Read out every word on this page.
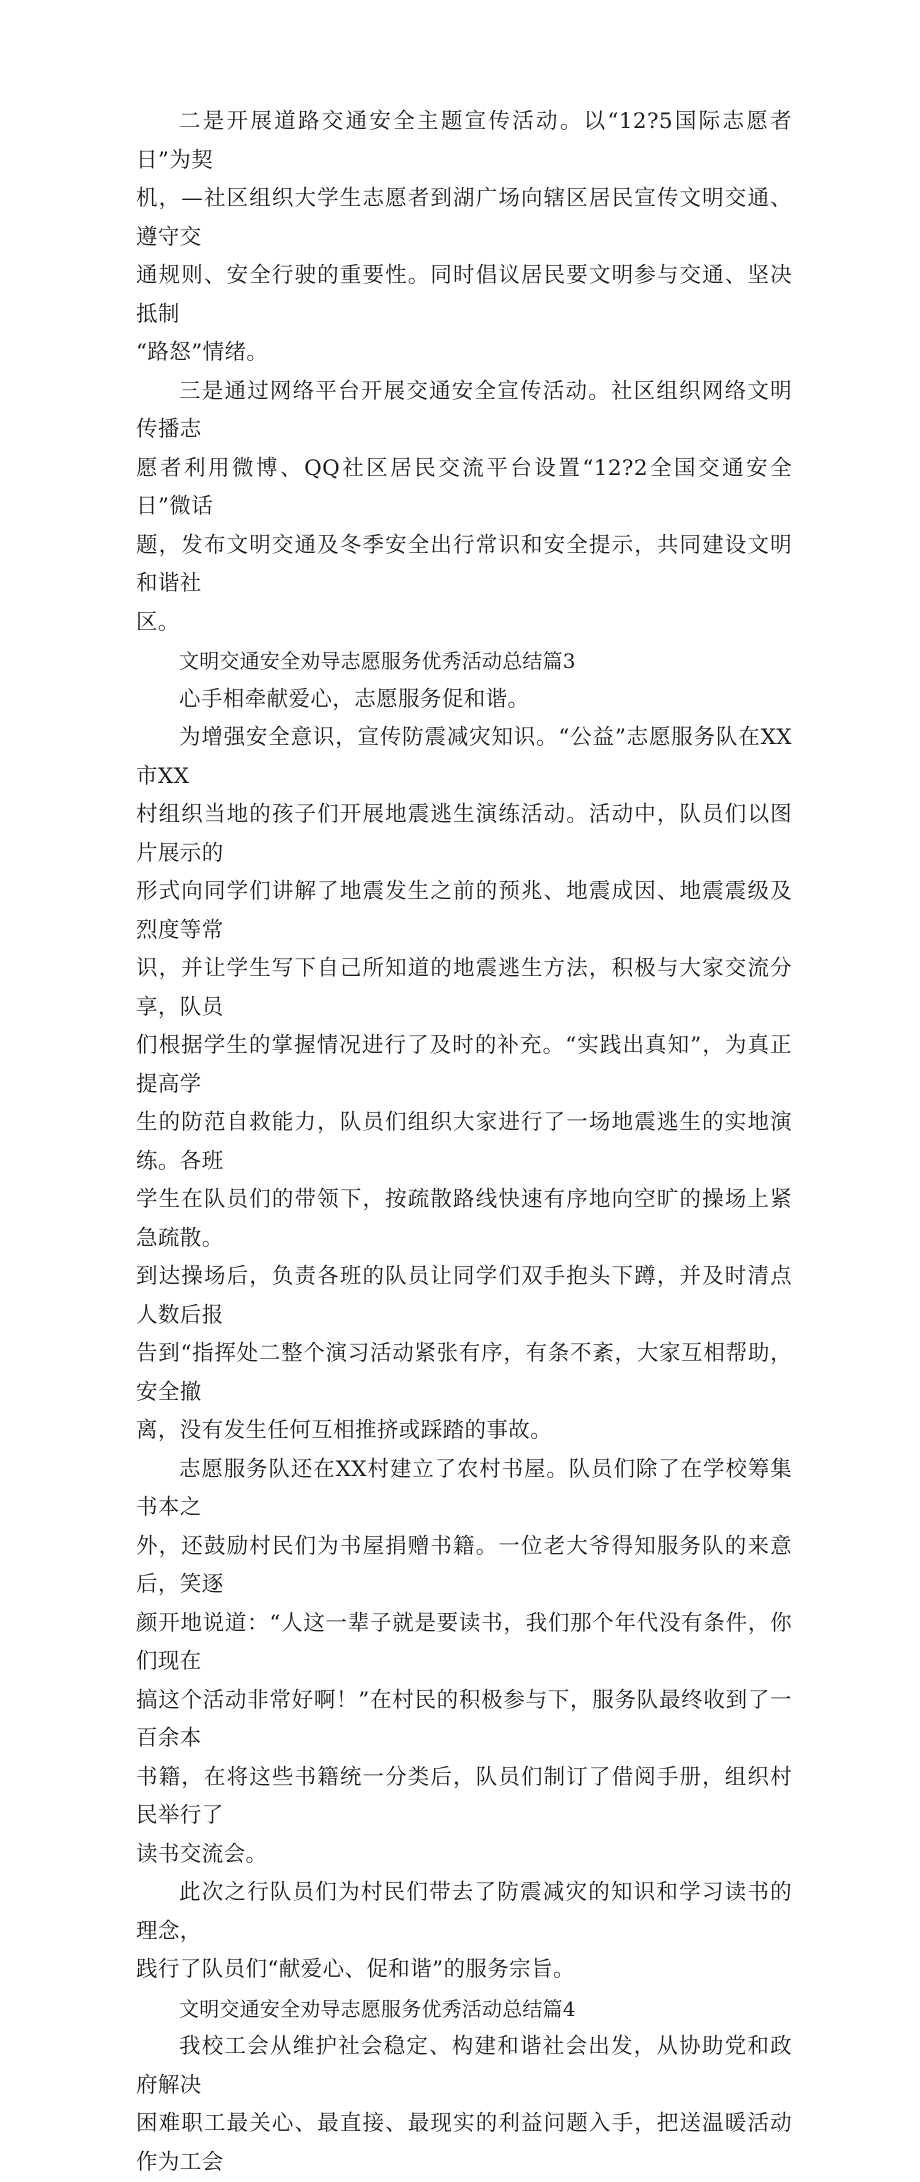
二是开展道路交通安全主题宣传活动。以“12?5国际志愿者日”为契
机，—社区组织大学生志愿者到湖广场向辖区居民宣传文明交通、遵守交
通规则、安全行驶的重要性。同时倡议居民要文明参与交通、坚决抵制
“路怒”情绪。

三是通过网络平台开展交通安全宣传活动。社区组织网络文明传播志
愿者利用微博、QQ社区居民交流平台设置“12?2全国交通安全日”微话
题，发布文明交通及冬季安全出行常识和安全提示，共同建设文明和谐社
区。

文明交通安全劝导志愿服务优秀活动总结篇3

心手相牵献爱心，志愿服务促和谐。

为增强安全意识，宣传防震减灾知识。“公益”志愿服务队在XX市XX
村组织当地的孩子们开展地震逃生演练活动。活动中，队员们以图片展示的
形式向同学们讲解了地震发生之前的预兆、地震成因、地震震级及烈度等常
识，并让学生写下自己所知道的地震逃生方法，积极与大家交流分享，队员
们根据学生的掌握情况进行了及时的补充。“实践出真知”，为真正提高学
生的防范自救能力，队员们组织大家进行了一场地震逃生的实地演练。各班
学生在队员们的带领下，按疏散路线快速有序地向空旷的操场上紧急疏散。
到达操场后，负责各班的队员让同学们双手抱头下蹲，并及时清点人数后报
告到“指挥处二整个演习活动紧张有序，有条不紊，大家互相帮助，安全撤
离，没有发生任何互相推挤或踩踏的事故。

志愿服务队还在XX村建立了农村书屋。队员们除了在学校筹集书本之
外，还鼓励村民们为书屋捐赠书籍。一位老大爷得知服务队的来意后，笑逐
颜开地说道：“人这一辈子就是要读书，我们那个年代没有条件，你们现在
搞这个活动非常好啊！”在村民的积极参与下，服务队最终收到了一百余本
书籍，在将这些书籍统一分类后，队员们制订了借阅手册，组织村民举行了
读书交流会。

此次之行队员们为村民们带去了防震减灾的知识和学习读书的理念，
践行了队员们“献爱心、促和谐”的服务宗旨。

文明交通安全劝导志愿服务优秀活动总结篇4

我校工会从维护社会稳定、构建和谐社会出发，从协助党和政府解决
困难职工最关心、最直接、最现实的利益问题入手，把送温暖活动作为工会
